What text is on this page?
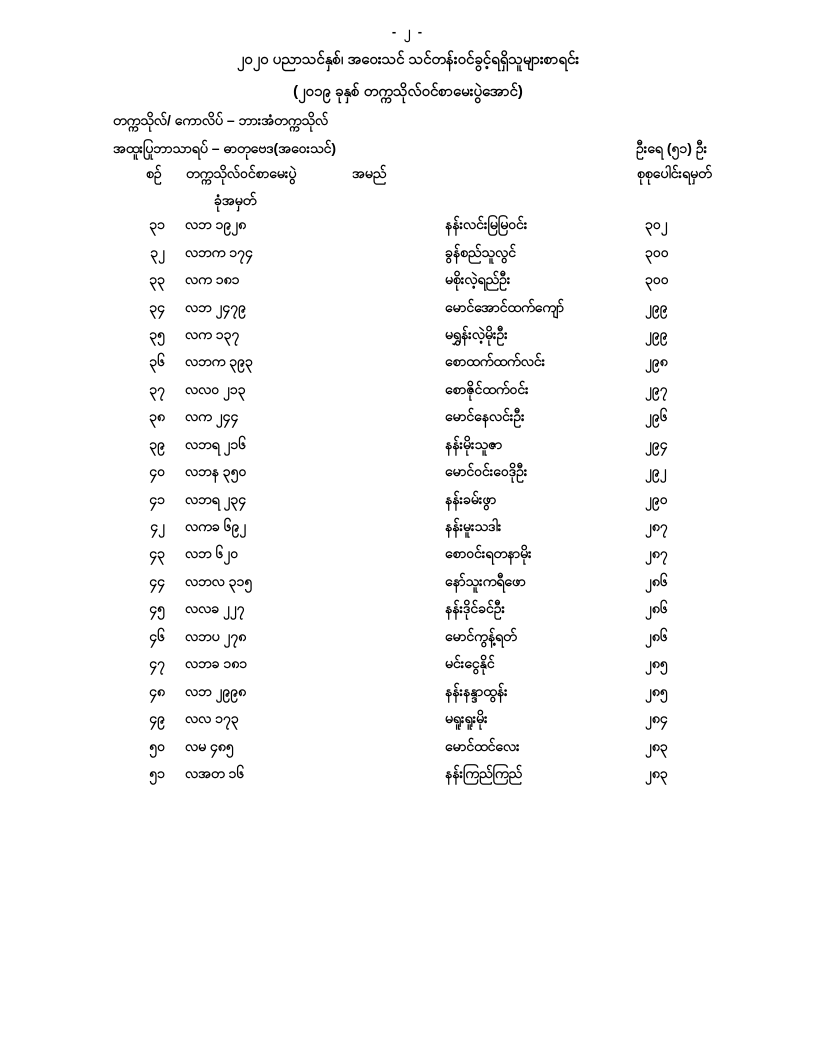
- ၂ -
၂၀၂၀ ပညာသင်နှစ်၊ အဝေးသင် သင်တန်းဝင်ခွင့်ရရှိသူများစာရင်း
(၂၀၁၉ ခုနှစ် တက္ကသိုလ်ဝင်စာမေးပွဲအောင်)
တက္ကသိုလ်/ ကောလိပ် – ဘားအံတက္ကသိုလ်
အထူးပြုဘာသာရပ် – ဓာတုဗေဒ(အဝေးသင်)	ဦးရေ (၅၁) ဦး
စဉ် တက္ကသိုလ်ဝင်စာမေးပွဲ
ခုံအမှတ်
အမည်	စုစုပေါင်းရမှတ်
၃၁	လဘ ၁၉၂၈	နန်းလင်းမြမြဝင်း	၃၀၂
၃၂	လဘက ၁၇၄	ခွန်စည်သူလွင်	၃၀၀
၃၃	လက ၁၈၁	မစိုးလဲ့ရည်ဦး	၃၀၀
၃၄	လဘ ၂၄၇၉	မောင်အောင်ထက်ကျော်	၂၉၉
၃၅	လက ၁၃၇	မရွှန်းလဲ့မိုးဦး	၂၉၉
၃၆	လဘက ၃၉၃	စောထက်ထက်လင်း	၂၉၈
၃၇	လလဝ ၂၁၃	စောဇိုင်ထက်ဝင်း	၂၉၇
၃၈	လက ၂၄၄	မောင်နေလင်းဦး	၂၉၆
၃၉	လဘရ ၂၁၆	နန်းမိုးသူဇာ	၂၉၄
၄၀	လဘန ၃၅၀	မောင်ဝင်းဝေဒိုဦး	၂၉၂
၄၁	လဘရ ၂၃၄	နန်းခမ်းဖွာ	၂၉၀
၄၂	လကခ ၆၉၂	နန်းမူးသဒါး	၂၈၇
၄၃	လဘ ၆၂၀	စောဝင်းရတနာမိုး	၂၈၇
၄၄	လဘလ ၃၁၅	နော်သူးကရီဖော	၂၈၆
၄၅	လလခ ၂၂၇	နန်းဒိုင်ခင်ဦး	၂၈၆
၄၆	လဘပ ၂၇၈	မောင်ကွန့်ရတ်	၂၈၆
၄၇	လဘခ ၁၈၁	မင်းငွေနိုင်	၂၈၅
၄၈	လဘ ၂၉၉၈	နန်းနန္ဒာထွန်း	၂၈၅
၄၉	လလ ၁၇၃	မရူးရူးမိုး	၂၈၄
၅၀	လမ ၄၈၅	မောင်ထင်လေး	၂၈၃
၅၁	လအတ ၁၆	နန်းကြည်ကြည်	၂၈၃
